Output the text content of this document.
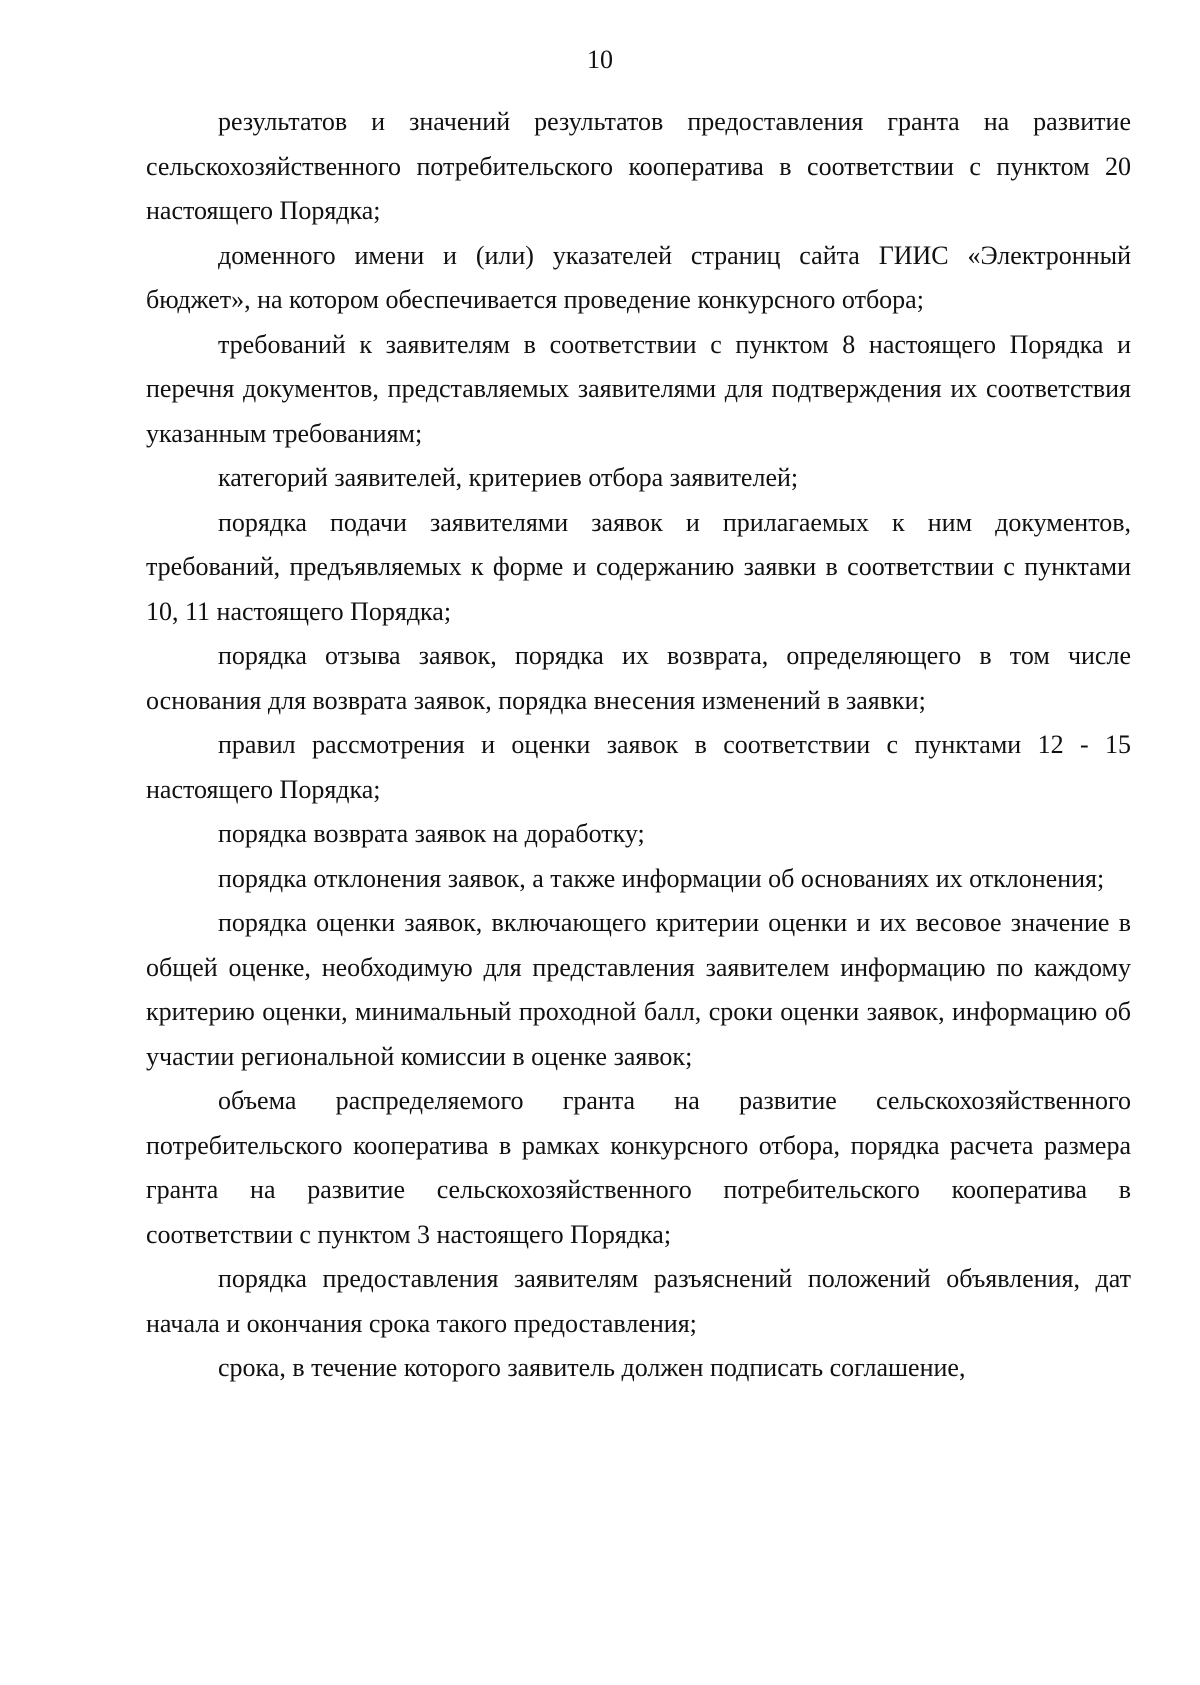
10

результатов и значений результатов предоставления гранта на развитие сельскохозяйственного потребительского кооператива в соответствии с пунктом 20 настоящего Порядка;

доменного имени и (или) указателей страниц сайта ГИИС «Электронный бюджет», на котором обеспечивается проведение конкурсного отбора;

требований к заявителям в соответствии с пунктом 8 настоящего Порядка и перечня документов, представляемых заявителями для подтверждения их соответствия указанным требованиям;

категорий заявителей, критериев отбора заявителей;

порядка подачи заявителями заявок и прилагаемых к ним документов, требований, предъявляемых к форме и содержанию заявки в соответствии с пунктами 10, 11 настоящего Порядка;

порядка отзыва заявок, порядка их возврата, определяющего в том числе основания для возврата заявок, порядка внесения изменений в заявки;

правил рассмотрения и оценки заявок в соответствии с пунктами 12 - 15 настоящего Порядка;

порядка возврата заявок на доработку;

порядка отклонения заявок, а также информации об основаниях их отклонения;

порядка оценки заявок, включающего критерии оценки и их весовое значение в общей оценке, необходимую для представления заявителем информацию по каждому критерию оценки, минимальный проходной балл, сроки оценки заявок, информацию об участии региональной комиссии в оценке заявок;

объема распределяемого гранта на развитие сельскохозяйственного потребительского кооператива в рамках конкурсного отбора, порядка расчета размера гранта на развитие сельскохозяйственного потребительского кооператива в соответствии с пунктом 3 настоящего Порядка;

порядка предоставления заявителям разъяснений положений объявления, дат начала и окончания срока такого предоставления;

срока, в течение которого заявитель должен подписать соглашение,
